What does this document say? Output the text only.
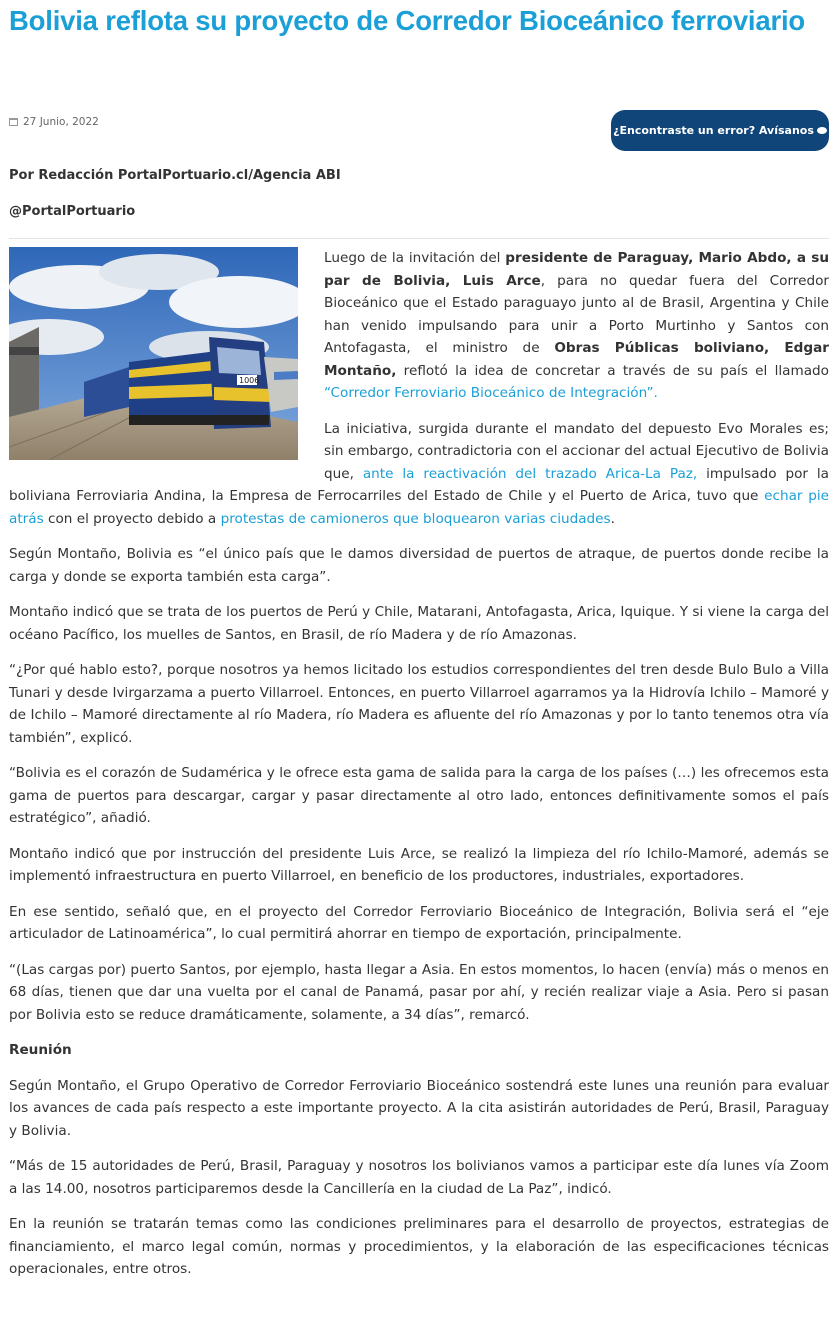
Bolivia reflota su proyecto de Corredor Bioceánico ferroviario
27 Junio, 2022
¿Encontraste un error? Avísanos
Por Redacción PortalPortuario.cl/Agencia ABI
@PortalPortuario
1006

Luego de la invitación del presidente de Paraguay, Mario Abdo, a su par de Bolivia, Luis Arce, para no quedar fuera del Corredor Bioceánico que el Estado paraguayo junto al de Brasil, Argentina y Chile han venido impulsando para unir a Porto Murtinho y Santos con Antofagasta, el ministro de Obras Públicas boliviano, Edgar Montaño, reflotó la idea de concretar a través de su país el llamado “Corredor Ferroviario Bioceánico de Integración”.

La iniciativa, surgida durante el mandato del depuesto Evo Morales es; sin embargo, contradictoria con el accionar del actual Ejecutivo de Bolivia que, ante la reactivación del trazado Arica-La Paz, impulsado por la boliviana Ferroviaria Andina, la Empresa de Ferrocarriles del Estado de Chile y el Puerto de Arica, tuvo que echar pie atrás con el proyecto debido a protestas de camioneros que bloquearon varias ciudades.

Según Montaño, Bolivia es “el único país que le damos diversidad de puertos de atraque, de puertos donde recibe la carga y donde se exporta también esta carga”.

Montaño indicó que se trata de los puertos de Perú y Chile, Matarani, Antofagasta, Arica, Iquique. Y si viene la carga del océano Pacífico, los muelles de Santos, en Brasil, de río Madera y de río Amazonas.

“¿Por qué hablo esto?, porque nosotros ya hemos licitado los estudios correspondientes del tren desde Bulo Bulo a Villa Tunari y desde Ivirgarzama a puerto Villarroel. Entonces, en puerto Villarroel agarramos ya la Hidrovía Ichilo – Mamoré y de Ichilo – Mamoré directamente al río Madera, río Madera es afluente del río Amazonas y por lo tanto tenemos otra vía también”, explicó.

“Bolivia es el corazón de Sudamérica y le ofrece esta gama de salida para la carga de los países (…) les ofrecemos esta gama de puertos para descargar, cargar y pasar directamente al otro lado, entonces definitivamente somos el país estratégico”, añadió.

Montaño indicó que por instrucción del presidente Luis Arce, se realizó la limpieza del río Ichilo-Mamoré, además se implementó infraestructura en puerto Villarroel, en beneficio de los productores, industriales, exportadores.

En ese sentido, señaló que, en el proyecto del Corredor Ferroviario Bioceánico de Integración, Bolivia será el “eje articulador de Latinoamérica”, lo cual permitirá ahorrar en tiempo de exportación, principalmente.

“(Las cargas por) puerto Santos, por ejemplo, hasta llegar a Asia. En estos momentos, lo hacen (envía) más o menos en 68 días, tienen que dar una vuelta por el canal de Panamá, pasar por ahí, y recién realizar viaje a Asia. Pero si pasan por Bolivia esto se reduce dramáticamente, solamente, a 34 días”, remarcó.

Reunión

Según Montaño, el Grupo Operativo de Corredor Ferroviario Bioceánico sostendrá este lunes una reunión para evaluar los avances de cada país respecto a este importante proyecto. A la cita asistirán autoridades de Perú, Brasil, Paraguay y Bolivia.

“Más de 15 autoridades de Perú, Brasil, Paraguay y nosotros los bolivianos vamos a participar este día lunes vía Zoom a las 14.00, nosotros participaremos desde la Cancillería en la ciudad de La Paz”, indicó.

En la reunión se tratarán temas como las condiciones preliminares para el desarrollo de proyectos, estrategias de financiamiento, el marco legal común, normas y procedimientos, y la elaboración de las especificaciones técnicas operacionales, entre otros.
